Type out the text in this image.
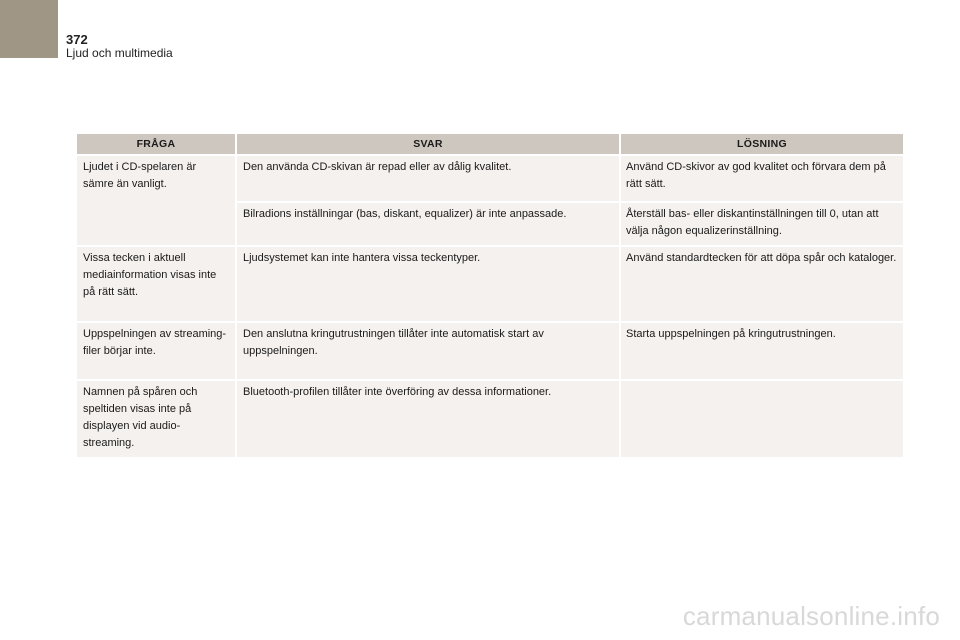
372
Ljud och multimedia
FRÅGA	SVAR	LÖSNING
Ljudet i CD-spelaren är sämre än vanligt.	Den använda CD-skivan är repad eller av dålig kvalitet.	Använd CD-skivor av god kvalitet och förvara dem på rätt sätt.
	Bilradions inställningar (bas, diskant, equalizer) är inte anpassade.	Återställ bas- eller diskantinställningen till 0, utan att välja någon equalizerinställning.
Vissa tecken i aktuell mediainformation visas inte på rätt sätt.	Ljudsystemet kan inte hantera vissa teckentyper.	Använd standardtecken för att döpa spår och kataloger.
Uppspelningen av streaming-filer börjar inte.	Den anslutna kringutrustningen tillåter inte automatisk start av uppspelningen.	Starta uppspelningen på kringutrustningen.
Namnen på spåren och speltiden visas inte på displayen vid audio-streaming.	Bluetooth-profilen tillåter inte överföring av dessa informationer.	
carmanualsonline.info
